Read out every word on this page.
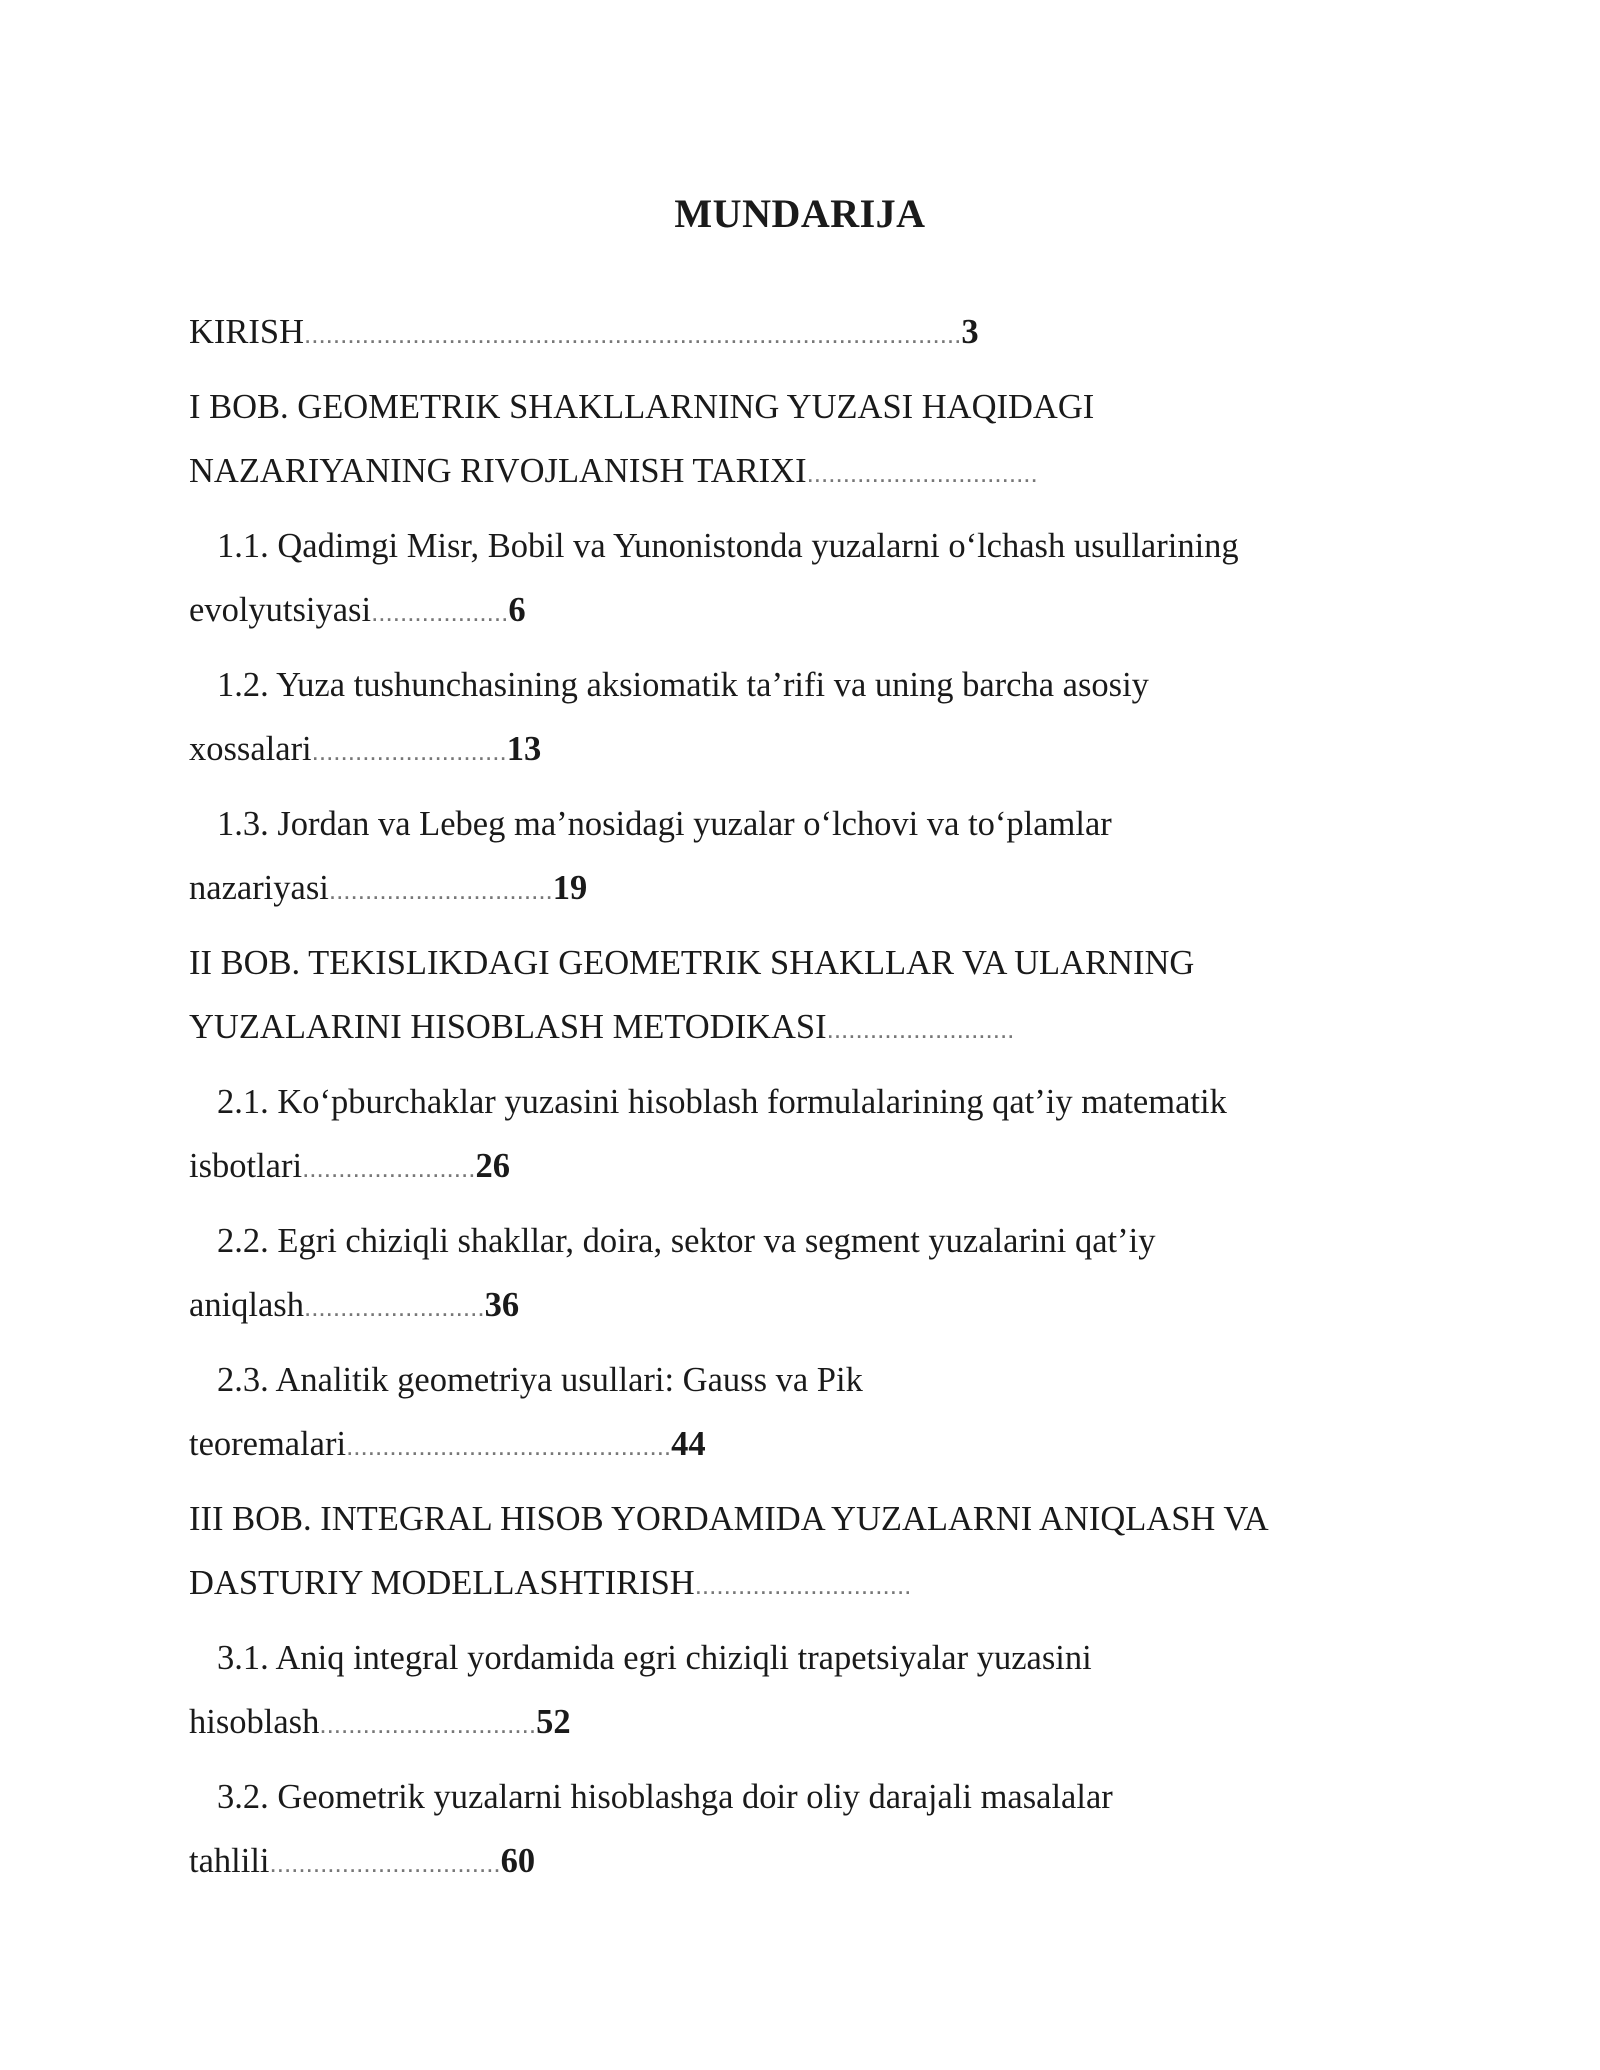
MUNDARIJA
KIRISH...........................................................................................3
I BOB. GEOMETRIK SHAKLLARNING YUZASI HAQIDAGI
NAZARIYANING RIVOJLANISH TARIXI................................
1.1. Qadimgi Misr, Bobil va Yunonistonda yuzalarni o‘lchash usullarining
evolyutsiyasi...................6
1.2. Yuza tushunchasining aksiomatik ta’rifi va uning barcha asosiy
xossalari...........................13
1.3. Jordan va Lebeg ma’nosidagi yuzalar o‘lchovi va to‘plamlar
nazariyasi...............................19
II BOB. TEKISLIKDAGI GEOMETRIK SHAKLLAR VA ULARNING
YUZALARINI HISOBLASH METODIKASI..........................
2.1. Ko‘pburchaklar yuzasini hisoblash formulalarining qat’iy matematik
isbotlari........................26
2.2. Egri chiziqli shakllar, doira, sektor va segment yuzalarini qat’iy
aniqlash.........................36
2.3. Analitik geometriya usullari: Gauss va Pik
teoremalari.............................................44
III BOB. INTEGRAL HISOB YORDAMIDA YUZALARNI ANIQLASH VA
DASTURIY MODELLASHTIRISH..............................
3.1. Aniq integral yordamida egri chiziqli trapetsiyalar yuzasini
hisoblash..............................52
3.2. Geometrik yuzalarni hisoblashga doir oliy darajali masalalar
tahlili................................60
